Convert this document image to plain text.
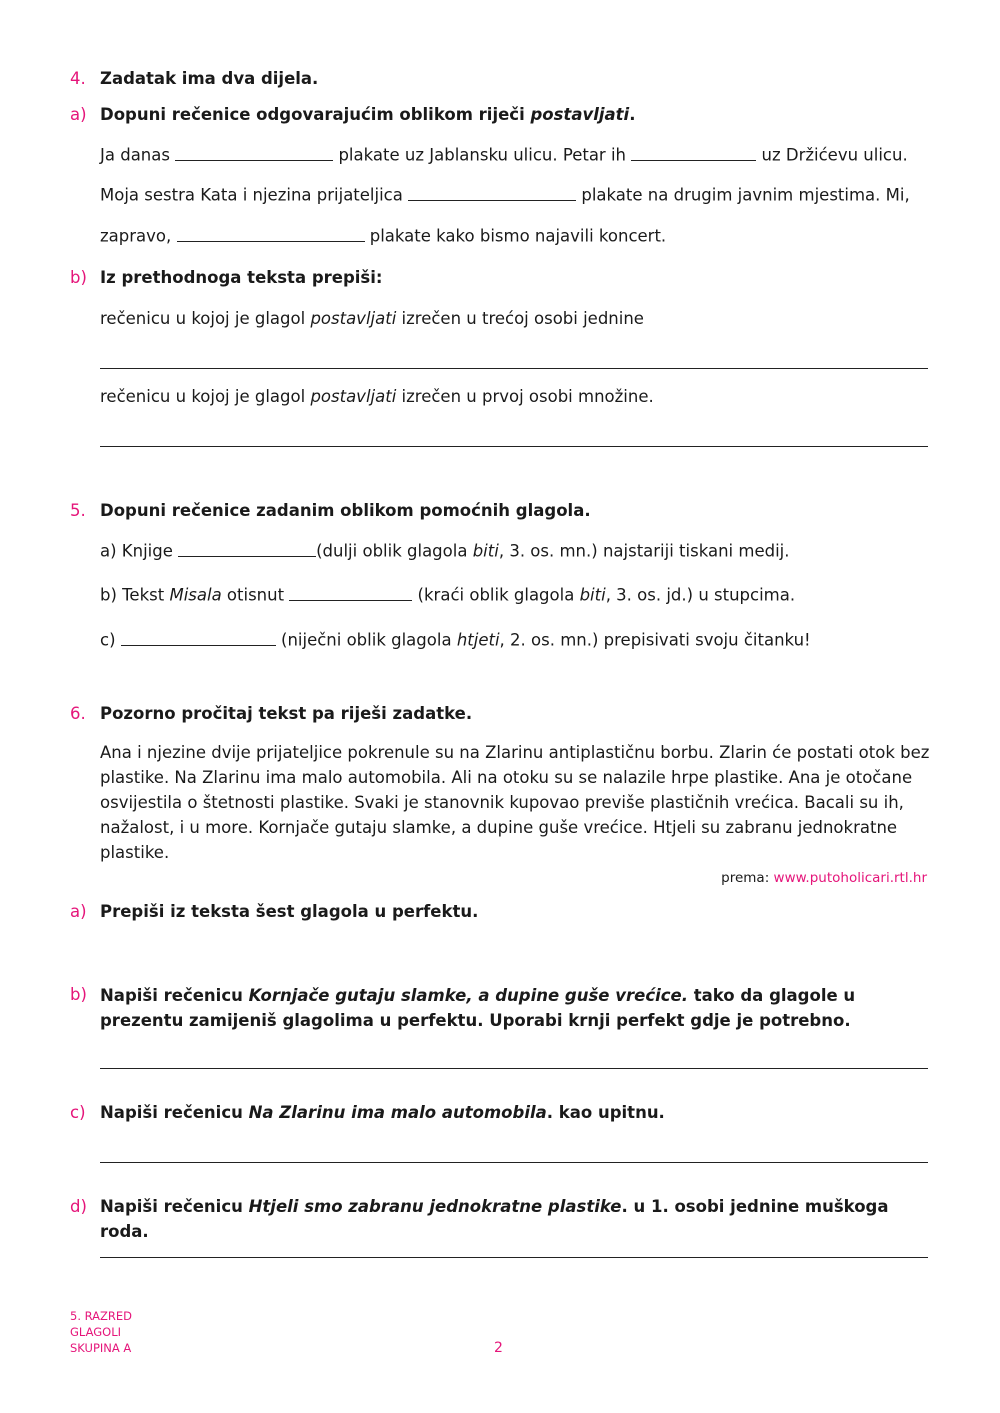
4. Zadatak ima dva dijela.
a) Dopuni rečenice odgovarajućim oblikom riječi postavljati.
Ja danas	plakate uz Jablansku ulicu. Petar ih	uz Držićevu ulicu.
Moja sestra Kata i njezina prijateljica	plakate na drugim javnim mjestima. Mi,
zapravo,	plakate kako bismo najavili koncert.
b) Iz prethodnoga teksta prepiši:
rečenicu u kojoj je glagol postavljati izrečen u trećoj osobi jednine
rečenicu u kojoj je glagol postavljati izrečen u prvoj osobi množine.
5. Dopuni rečenice zadanim oblikom pomoćnih glagola.
a) Knjige	(dulji oblik glagola biti, 3. os. mn.) najstariji tiskani medij.
b) Tekst Misala otisnut	(kraći oblik glagola biti, 3. os. jd.) u stupcima.
c)	(niječni oblik glagola htjeti, 2. os. mn.) prepisivati svoju čitanku!
6. Pozorno pročitaj tekst pa riješi zadatke.
Ana i njezine dvije prijateljice pokrenule su na Zlarinu antiplastičnu borbu. Zlarin će postati otok bez plastike. Na Zlarinu ima malo automobila. Ali na otoku su se nalazile hrpe plastike. Ana je otočane osvijestila o štetnosti plastike. Svaki je stanovnik kupovao previše plastičnih vrećica. Bacali su ih, nažalost, i u more. Kornjače gutaju slamke, a dupine guše vrećice. Htjeli su zabranu jednokratne plastike.
prema: www.putoholicari.rtl.hr
a) Prepiši iz teksta šest glagola u perfektu.
b) Napiši rečenicu Kornjače gutaju slamke, a dupine guše vrećice. tako da glagole u prezentu zamijeniš glagolima u perfektu. Uporabi krnji perfekt gdje je potrebno.
c) Napiši rečenicu Na Zlarinu ima malo automobila. kao upitnu.
d) Napiši rečenicu Htjeli smo zabranu jednokratne plastike. u 1. osobi jednine muškoga roda.
5. RAZRED
GLAGOLI
SKUPINA A	2
